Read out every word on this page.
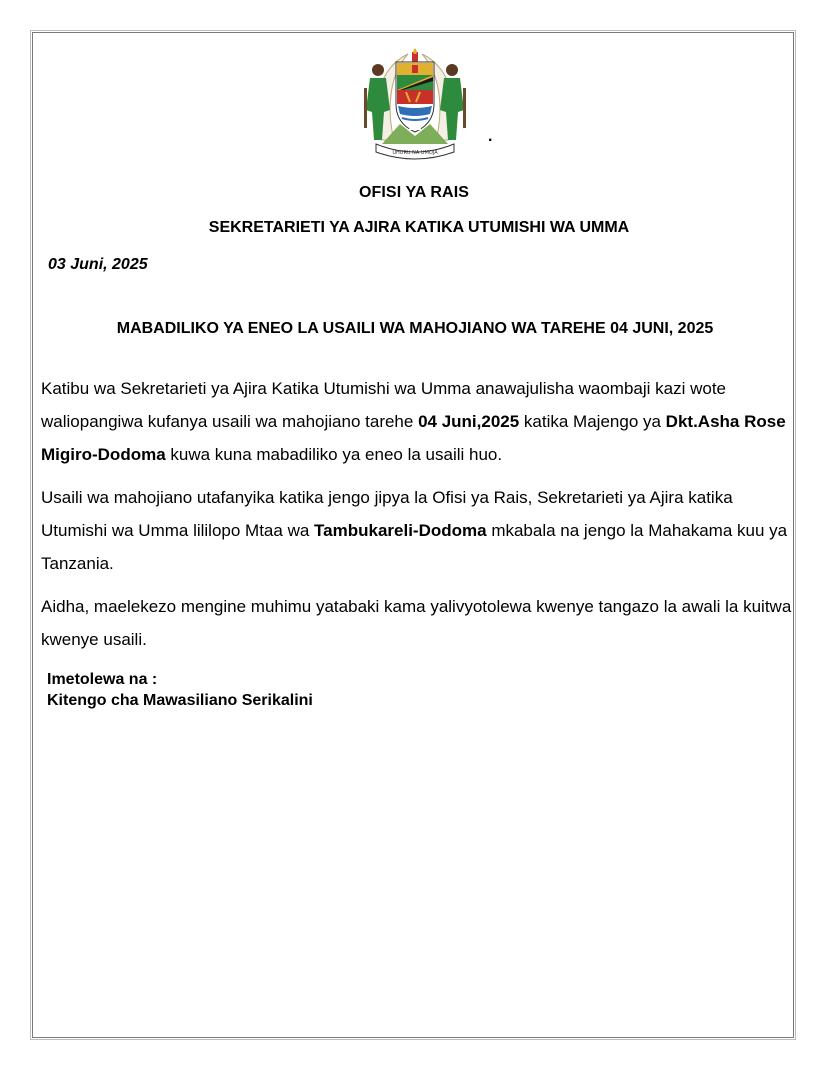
UHURU NA UMOJA
.
OFISI YA RAIS
SEKRETARIETI YA AJIRA KATIKA UTUMISHI WA UMMA
03 Juni, 2025
MABADILIKO YA ENEO LA USAILI WA MAHOJIANO WA TAREHE 04 JUNI, 2025

Katibu wa Sekretarieti ya Ajira Katika Utumishi wa Umma anawajulisha waombaji kazi wote waliopangiwa kufanya usaili wa mahojiano tarehe 04 Juni,2025 katika Majengo ya Dkt.Asha Rose Migiro-Dodoma kuwa kuna mabadiliko ya eneo la usaili huo.

Usaili wa mahojiano utafanyika katika jengo jipya la Ofisi ya Rais, Sekretarieti ya Ajira katika Utumishi wa Umma lililopo Mtaa wa Tambukareli-Dodoma mkabala na jengo la Mahakama kuu ya Tanzania.

Aidha, maelekezo mengine muhimu yatabaki kama yalivyotolewa kwenye tangazo la awali la kuitwa kwenye usaili.

Imetolewa na :
Kitengo cha Mawasiliano Serikalini
